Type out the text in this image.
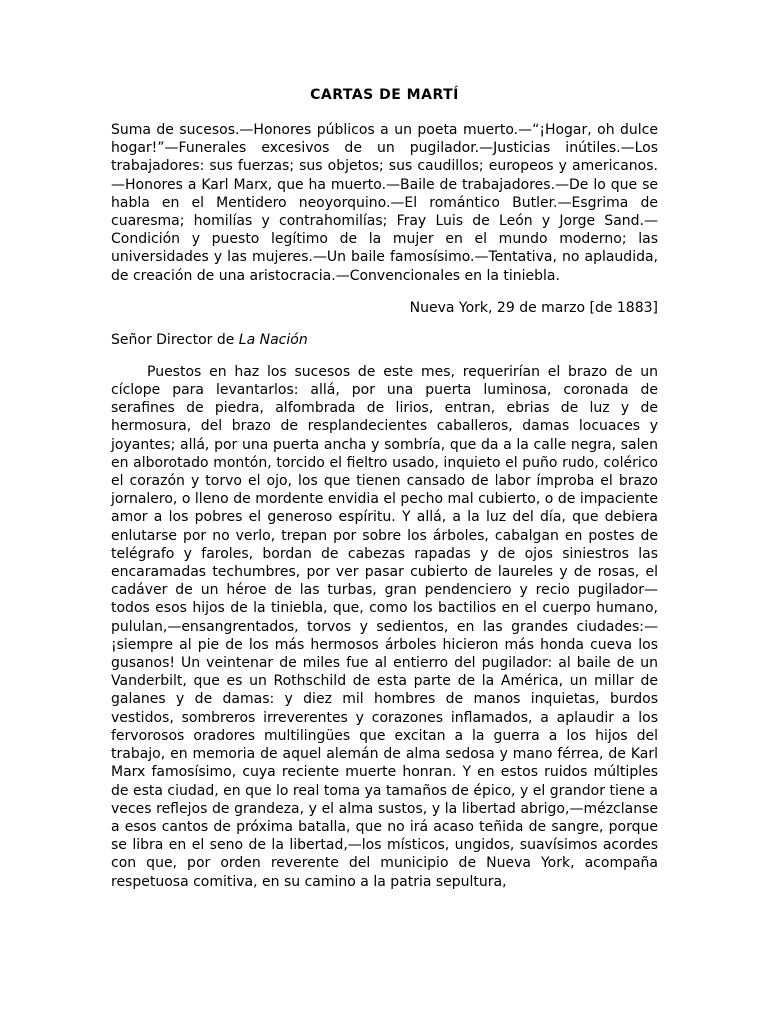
CARTAS DE MARTÍ

Suma de sucesos.—Honores públicos a un poeta muerto.—“¡Hogar, oh dulce hogar!”—Funerales excesivos de un pugilador.—Justicias inútiles.—Los trabajadores: sus fuerzas; sus objetos; sus caudillos; europeos y americanos.—Honores a Karl Marx, que ha muerto.—Baile de trabajadores.—De lo que se habla en el Mentidero neoyorquino.—El romántico Butler.—Esgrima de cuaresma; homilías y contrahomilías; Fray Luis de León y Jorge Sand.—Condición y puesto legítimo de la mujer en el mundo moderno; las universidades y las mujeres.—Un baile famosísimo.—Tentativa, no aplaudida, de creación de una aristocracia.—Convencionales en la tiniebla.

Nueva York, 29 de marzo [de 1883]

Señor Director de La Nación

Puestos en haz los sucesos de este mes, requerirían el brazo de un cíclope para levantarlos: allá, por una puerta luminosa, coronada de serafines de piedra, alfombrada de lirios, entran, ebrias de luz y de hermosura, del brazo de resplandecientes caballeros, damas locuaces y joyantes; allá, por una puerta ancha y sombría, que da a la calle negra, salen en alborotado montón, torcido el fieltro usado, inquieto el puño rudo, colérico el corazón y torvo el ojo, los que tienen cansado de labor ímproba el brazo jornalero, o lleno de mordente envidia el pecho mal cubierto, o de impaciente amor a los pobres el generoso espíritu. Y allá, a la luz del día, que debiera enlutarse por no verlo, trepan por sobre los árboles, cabalgan en postes de telégrafo y faroles, bordan de cabezas rapadas y de ojos siniestros las encaramadas techumbres, por ver pasar cubierto de laureles y de rosas, el cadáver de un héroe de las turbas, gran pendenciero y recio pugilador—todos esos hijos de la tiniebla, que, como los bactilios en el cuerpo humano, pululan,—ensangrentados, torvos y sedientos, en las grandes ciudades:—¡siempre al pie de los más hermosos árboles hicieron más honda cueva los gusanos! Un veintenar de miles fue al entierro del pugilador: al baile de un Vanderbilt, que es un Rothschild de esta parte de la América, un millar de galanes y de damas: y diez mil hombres de manos inquietas, burdos vestidos, sombreros irreverentes y corazones inflamados, a aplaudir a los fervorosos oradores multilingües que excitan a la guerra a los hijos del trabajo, en memoria de aquel alemán de alma sedosa y mano férrea, de Karl Marx famosísimo, cuya reciente muerte honran. Y en estos ruidos múltiples de esta ciudad, en que lo real toma ya tamaños de épico, y el grandor tiene a veces reflejos de grandeza, y el alma sustos, y la libertad abrigo,—mézclanse a esos cantos de próxima batalla, que no irá acaso teñida de sangre, porque se libra en el seno de la libertad,—los místicos, ungidos, suavísimos acordes con que, por orden reverente del municipio de Nueva York, acompaña respetuosa comitiva, en su camino a la patria sepultura,
